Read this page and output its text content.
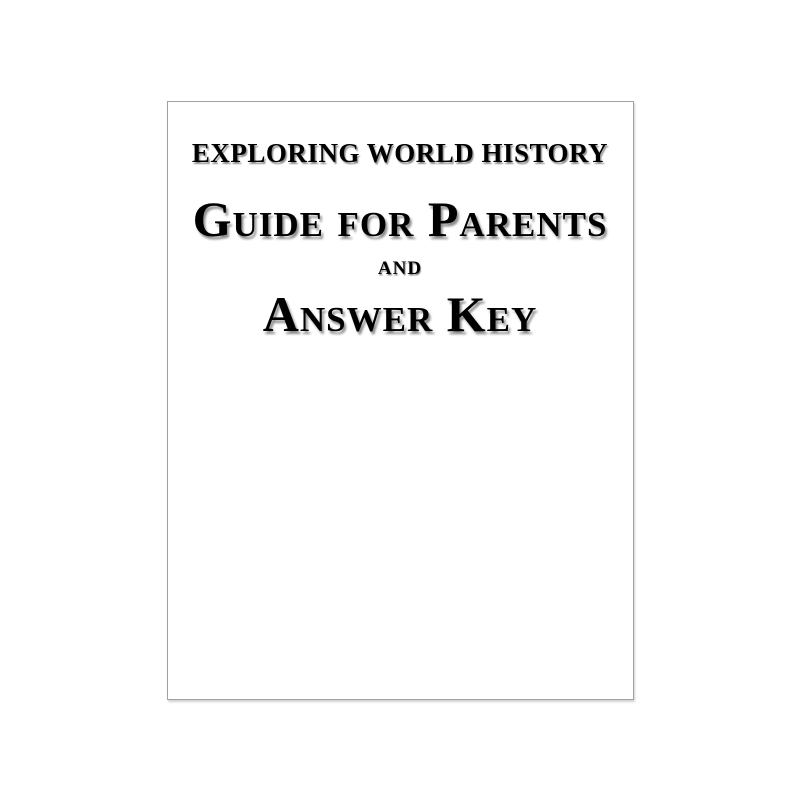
EXPLORING WORLD HISTORY
Guide for Parents
AND
Answer Key
